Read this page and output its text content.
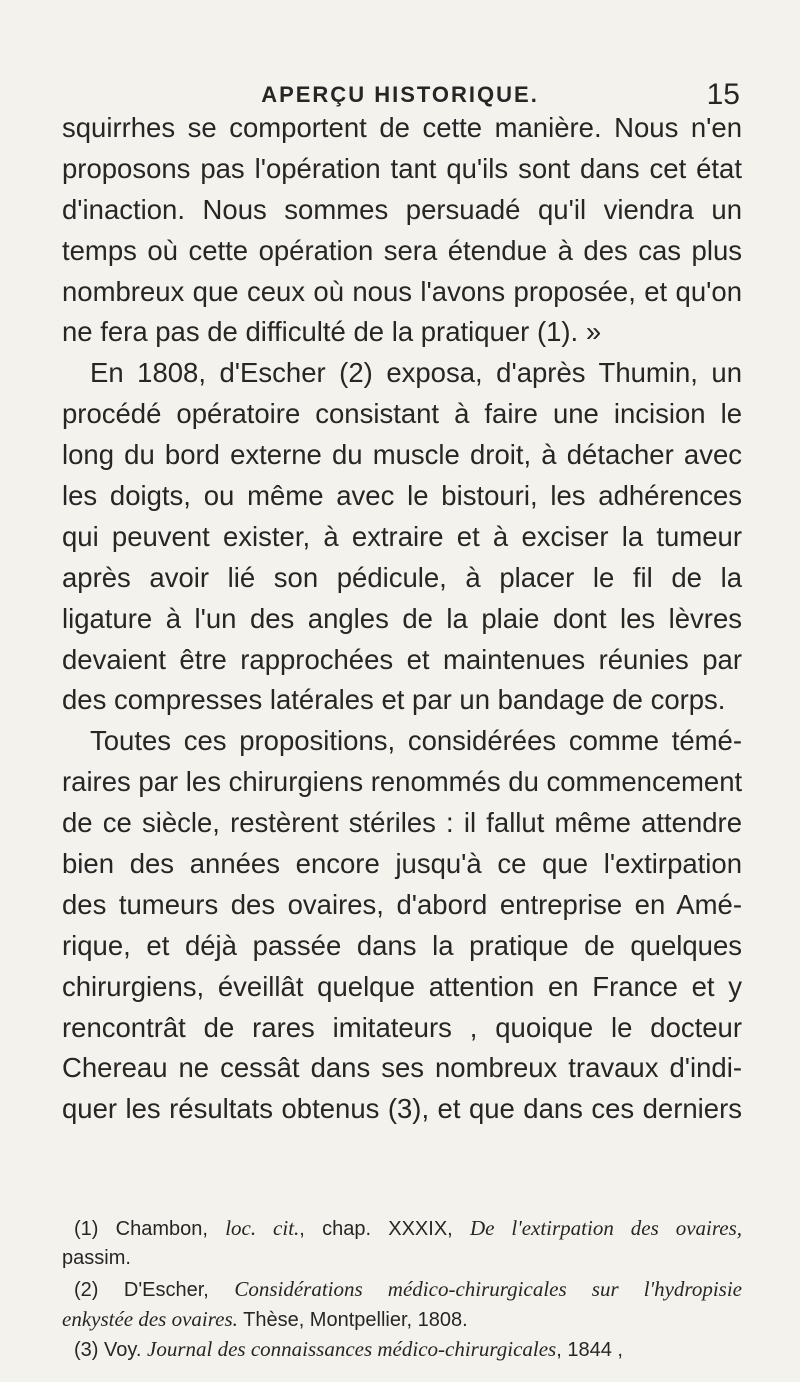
APERÇU HISTORIQUE.	15
squirrhes se comportent de cette manière. Nous n'en
proposons pas l'opération tant qu'ils sont dans cet état
d'inaction. Nous sommes persuadé qu'il viendra un
temps où cette opération sera étendue à des cas plus
nombreux que ceux où nous l'avons proposée, et qu'on
ne fera pas de difficulté de la pratiquer (1). »
En 1808, d'Escher (2) exposa, d'après Thumin, un
procédé opératoire consistant à faire une incision le
long du bord externe du muscle droit, à détacher avec
les doigts, ou même avec le bistouri, les adhérences
qui peuvent exister, à extraire et à exciser la tumeur
après avoir lié son pédicule, à placer le fil de la
ligature à l'un des angles de la plaie dont les lèvres
devaient être rapprochées et maintenues réunies par
des compresses latérales et par un bandage de corps.
Toutes ces propositions, considérées comme témé-
raires par les chirurgiens renommés du commencement
de ce siècle, restèrent stériles : il fallut même attendre
bien des années encore jusqu'à ce que l'extirpation
des tumeurs des ovaires, d'abord entreprise en Amé-
rique, et déjà passée dans la pratique de quelques
chirurgiens, éveillât quelque attention en France et y
rencontrât de rares imitateurs , quoique le docteur
Chereau ne cessât dans ses nombreux travaux d'indi-
quer les résultats obtenus (3), et que dans ces derniers
(1) Chambon, loc. cit., chap. XXXIX, De l'extirpation des ovaires,
passim.
(2) D'Escher, Considérations médico-chirurgicales sur l'hydropisie
enkystée des ovaires. Thèse, Montpellier, 1808.
(3) Voy. Journal des connaissances médico-chirurgicales, 1844 ,
